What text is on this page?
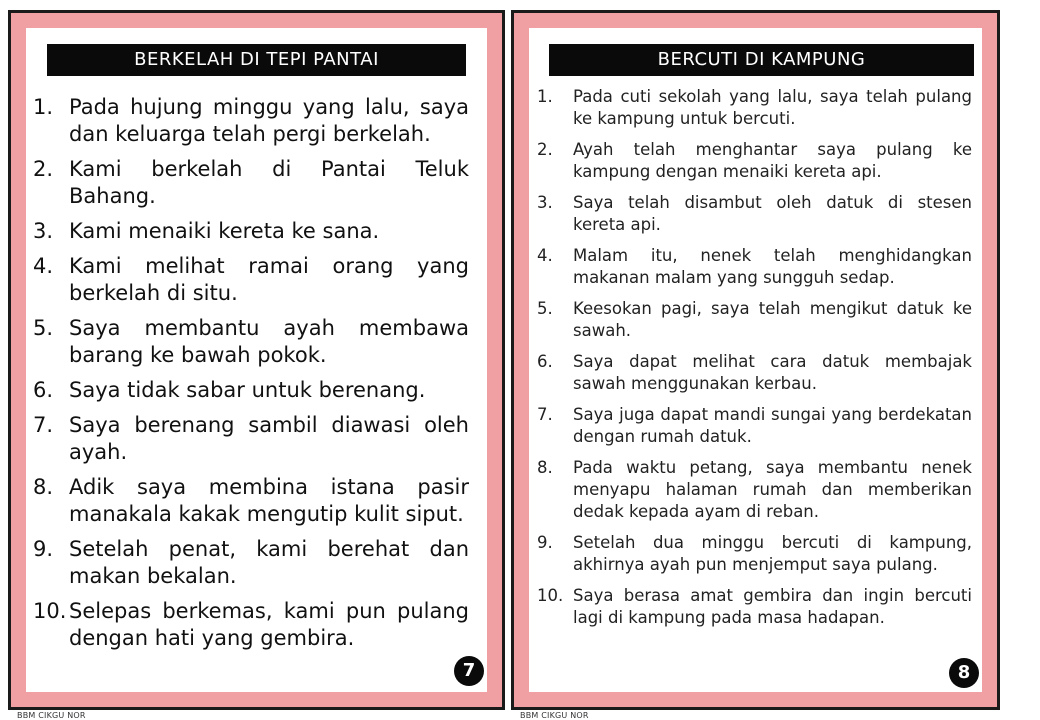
BERKELAH DI TEPI PANTAI
1. Pada hujung minggu yang lalu, saya dan keluarga telah pergi berkelah.
2. Kami berkelah di Pantai Teluk Bahang.
3. Kami menaiki kereta ke sana.
4. Kami melihat ramai orang yang berkelah di situ.
5. Saya membantu ayah membawa barang ke bawah pokok.
6. Saya tidak sabar untuk berenang.
7. Saya berenang sambil diawasi oleh ayah.
8. Adik saya membina istana pasir manakala kakak mengutip kulit siput.
9. Setelah penat, kami berehat dan makan bekalan.
10. Selepas berkemas, kami pun pulang dengan hati yang gembira.
7
BBM CIKGU NOR
BERCUTI DI KAMPUNG
1.	Pada cuti sekolah yang lalu, saya telah pulang ke kampung untuk bercuti.
2.	Ayah telah menghantar saya pulang ke kampung dengan menaiki kereta api.
3.	Saya telah disambut oleh datuk di stesen kereta api.
4.	Malam itu, nenek telah menghidangkan makanan malam yang sungguh sedap.
5.	Keesokan pagi, saya telah mengikut datuk ke sawah.
6.	Saya dapat melihat cara datuk membajak sawah menggunakan kerbau.
7.	Saya juga dapat mandi sungai yang berdekatan dengan rumah datuk.
8.	Pada waktu petang, saya membantu nenek menyapu halaman rumah dan memberikan dedak kepada ayam di reban.
9.	Setelah dua minggu bercuti di kampung, akhirnya ayah pun menjemput saya pulang.
10. Saya berasa amat gembira dan ingin bercuti lagi di kampung pada masa hadapan.
8
BBM CIKGU NOR
